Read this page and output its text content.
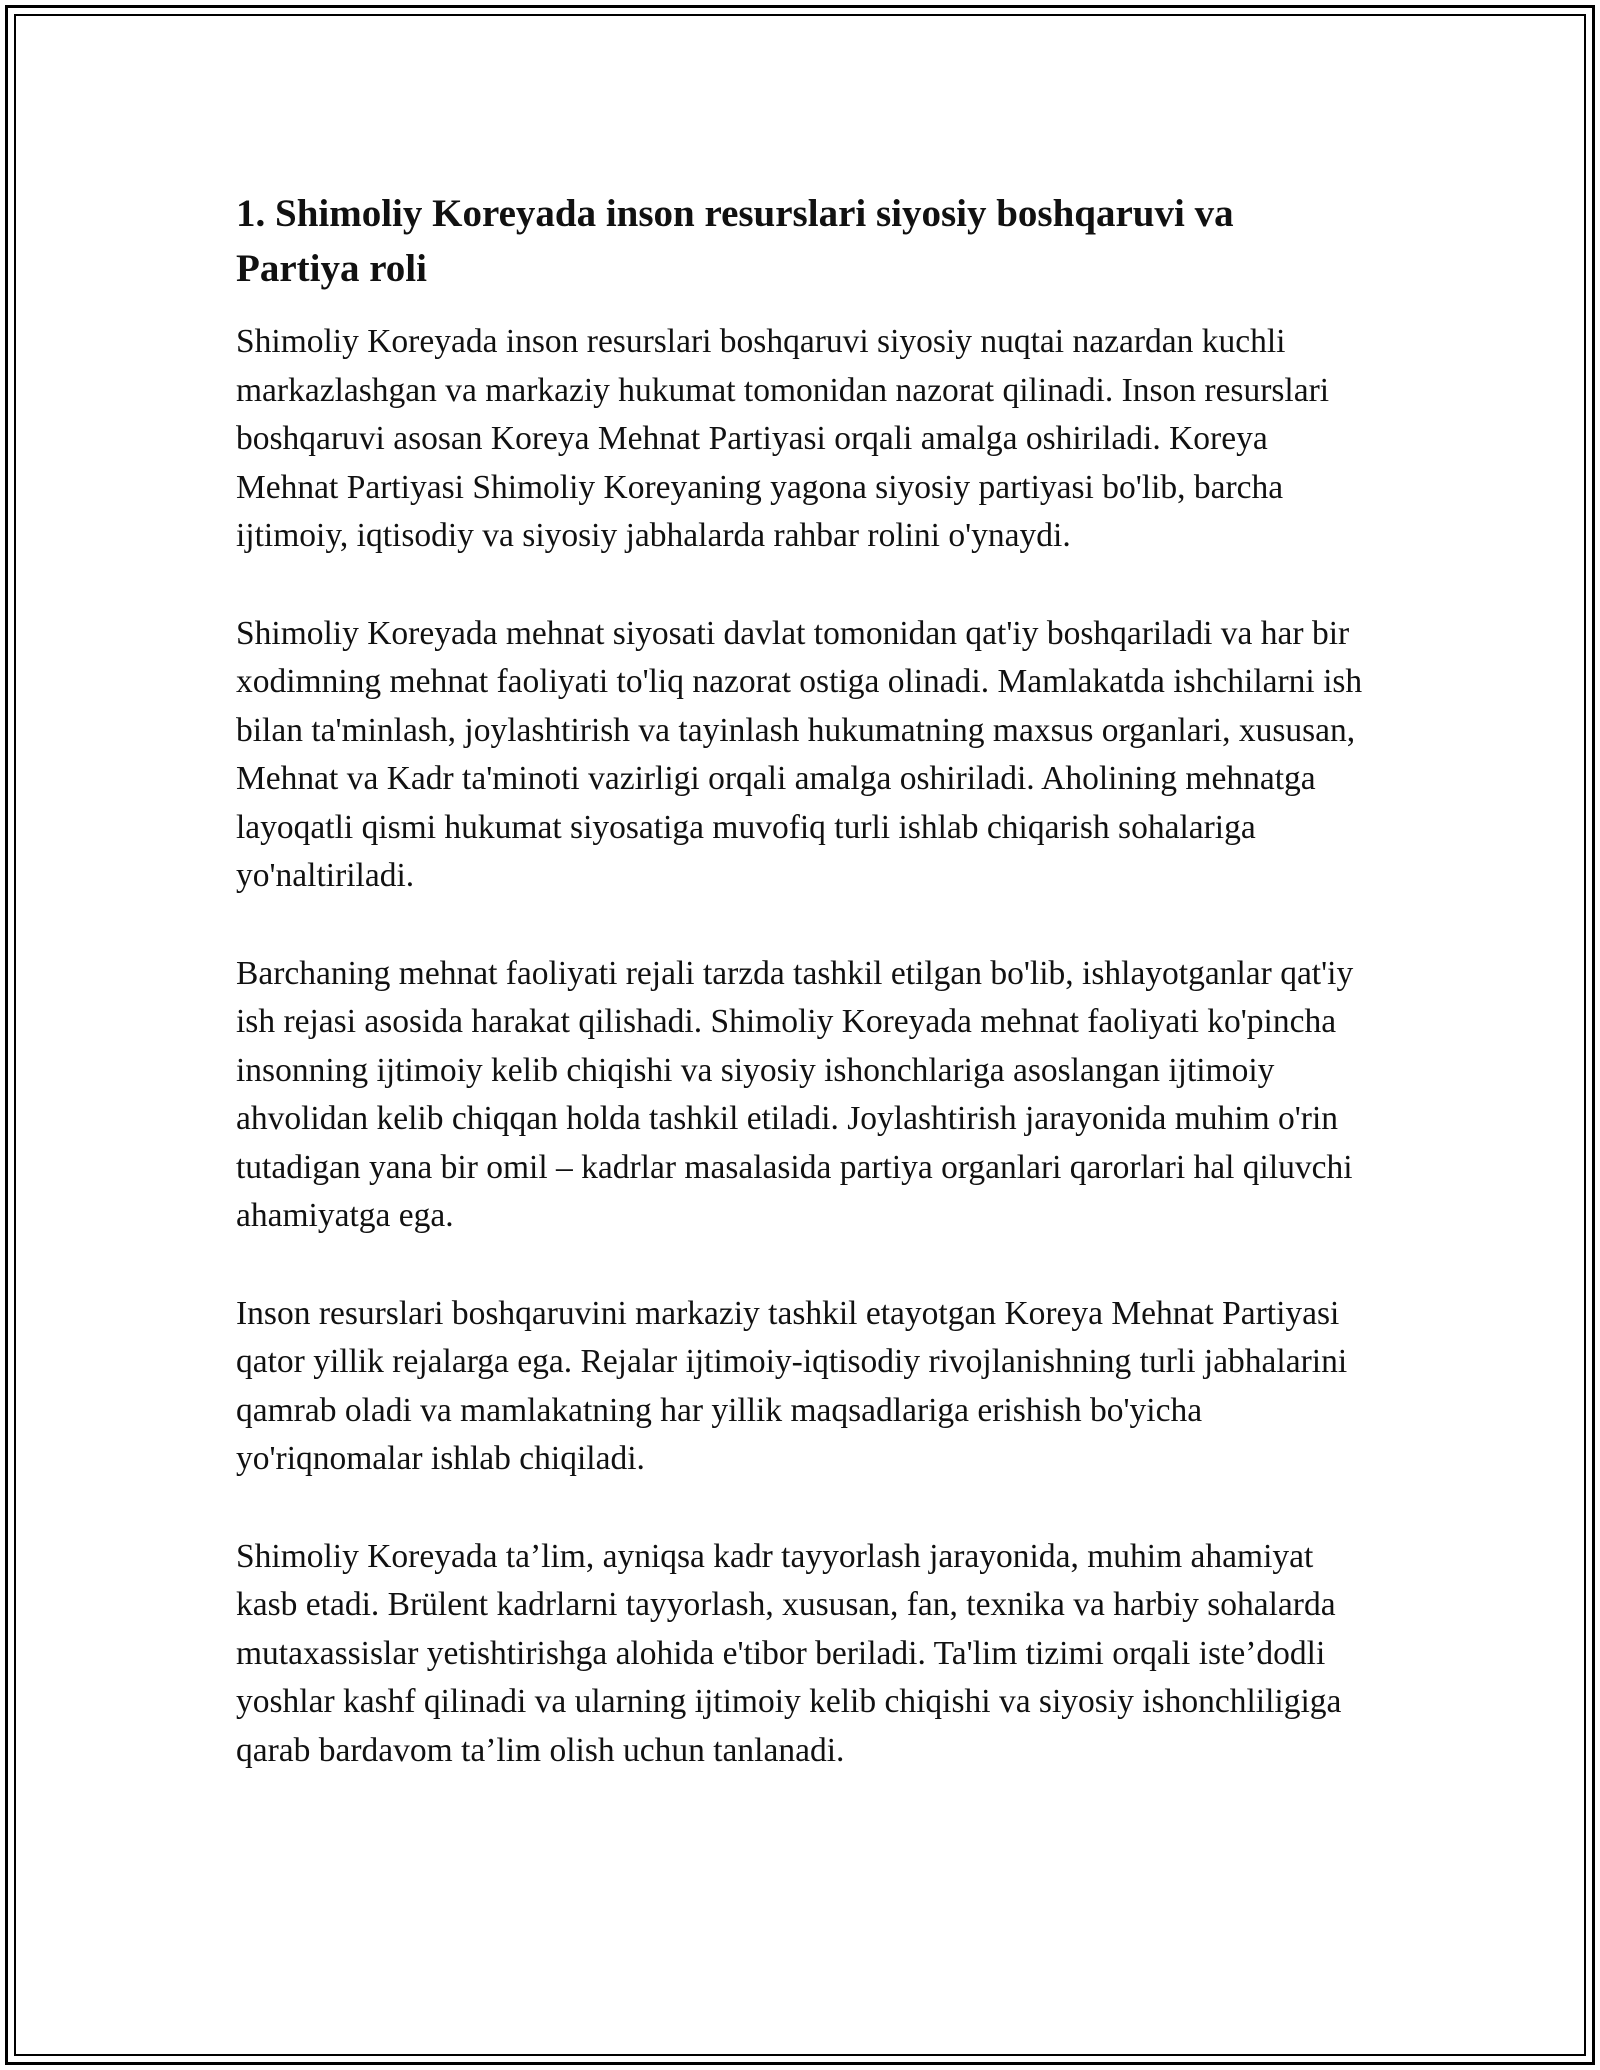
1. Shimoliy Koreyada inson resurslari siyosiy boshqaruvi va Partiya roli

Shimoliy Koreyada inson resurslari boshqaruvi siyosiy nuqtai nazardan kuchli markazlashgan va markaziy hukumat tomonidan nazorat qilinadi. Inson resurslari boshqaruvi asosan Koreya Mehnat Partiyasi orqali amalga oshiriladi. Koreya Mehnat Partiyasi Shimoliy Koreyaning yagona siyosiy partiyasi bo'lib, barcha ijtimoiy, iqtisodiy va siyosiy jabhalarda rahbar rolini o'ynaydi.

Shimoliy Koreyada mehnat siyosati davlat tomonidan qat'iy boshqariladi va har bir xodimning mehnat faoliyati to'liq nazorat ostiga olinadi. Mamlakatda ishchilarni ish bilan ta'minlash, joylashtirish va tayinlash hukumatning maxsus organlari, xususan, Mehnat va Kadr ta'minoti vazirligi orqali amalga oshiriladi. Aholining mehnatga layoqatli qismi hukumat siyosatiga muvofiq turli ishlab chiqarish sohalariga yo'naltiriladi.

Barchaning mehnat faoliyati rejali tarzda tashkil etilgan bo'lib, ishlayotganlar qat'iy ish rejasi asosida harakat qilishadi. Shimoliy Koreyada mehnat faoliyati ko'pincha insonning ijtimoiy kelib chiqishi va siyosiy ishonchlariga asoslangan ijtimoiy ahvolidan kelib chiqqan holda tashkil etiladi. Joylashtirish jarayonida muhim o'rin tutadigan yana bir omil – kadrlar masalasida partiya organlari qarorlari hal qiluvchi ahamiyatga ega.

Inson resurslari boshqaruvini markaziy tashkil etayotgan Koreya Mehnat Partiyasi qator yillik rejalarga ega. Rejalar ijtimoiy-iqtisodiy rivojlanishning turli jabhalarini qamrab oladi va mamlakatning har yillik maqsadlariga erishish bo'yicha yo'riqnomalar ishlab chiqiladi.

Shimoliy Koreyada ta’lim, ayniqsa kadr tayyorlash jarayonida, muhim ahamiyat kasb etadi. Brülent kadrlarni tayyorlash, xususan, fan, texnika va harbiy sohalarda mutaxassislar yetishtirishga alohida e'tibor beriladi. Ta'lim tizimi orqali iste’dodli yoshlar kashf qilinadi va ularning ijtimoiy kelib chiqishi va siyosiy ishonchliligiga qarab bardavom ta’lim olish uchun tanlanadi.
